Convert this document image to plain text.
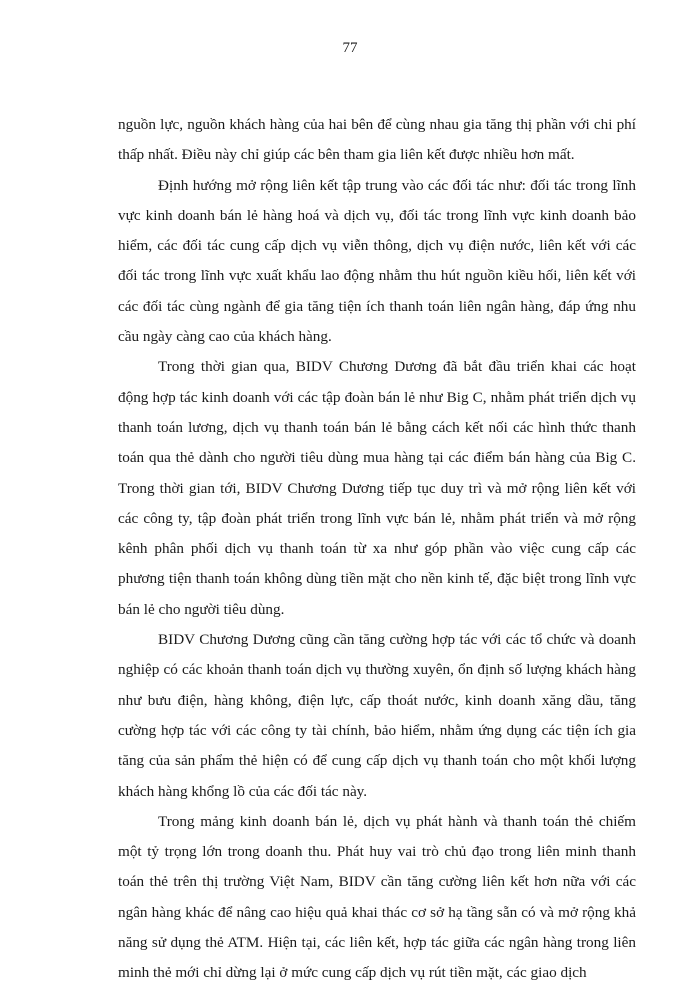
77

nguồn lực, nguồn khách hàng của hai bên để cùng nhau gia tăng thị phần với chi phí thấp nhất. Điều này chỉ giúp các bên tham gia liên kết được nhiều hơn mất.

Định hướng mở rộng liên kết tập trung vào các đối tác như: đối tác trong lĩnh vực kinh doanh bán lẻ hàng hoá và dịch vụ, đối tác trong lĩnh vực kinh doanh bảo hiểm, các đối tác cung cấp dịch vụ viễn thông, dịch vụ điện nước, liên kết với các đối tác trong lĩnh vực xuất khẩu lao động nhằm thu hút nguồn kiều hối, liên kết với các đối tác cùng ngành để gia tăng tiện ích thanh toán liên ngân hàng, đáp ứng nhu cầu ngày càng cao của khách hàng.

Trong thời gian qua, BIDV Chương Dương đã bắt đầu triển khai các hoạt động hợp tác kinh doanh với các tập đoàn bán lẻ như Big C, nhằm phát triển dịch vụ thanh toán lương, dịch vụ thanh toán bán lẻ bằng cách kết nối các hình thức thanh toán qua thẻ dành cho người tiêu dùng mua hàng tại các điểm bán hàng của Big C. Trong thời gian tới, BIDV Chương Dương tiếp tục duy trì và mở rộng liên kết với các công ty, tập đoàn phát triển trong lĩnh vực bán lẻ, nhằm phát triển và mở rộng kênh phân phối dịch vụ thanh toán từ xa như góp phần vào việc cung cấp các phương tiện thanh toán không dùng tiền mặt cho nền kinh tế, đặc biệt trong lĩnh vực bán lẻ cho người tiêu dùng.

BIDV Chương Dương cũng cần tăng cường hợp tác với các tổ chức và doanh nghiệp có các khoản thanh toán dịch vụ thường xuyên, ổn định số lượng khách hàng như bưu điện, hàng không, điện lực, cấp thoát nước, kinh doanh xăng dầu, tăng cường hợp tác với các công ty tài chính, bảo hiểm, nhằm ứng dụng các tiện ích gia tăng của sản phẩm thẻ hiện có để cung cấp dịch vụ thanh toán cho một khối lượng khách hàng khổng lồ của các đối tác này.

Trong mảng kinh doanh bán lẻ, dịch vụ phát hành và thanh toán thẻ chiếm một tỷ trọng lớn trong doanh thu. Phát huy vai trò chủ đạo trong liên minh thanh toán thẻ trên thị trường Việt Nam, BIDV cần tăng cường liên kết hơn nữa với các ngân hàng khác để nâng cao hiệu quả khai thác cơ sở hạ tầng sẵn có và mở rộng khả năng sử dụng thẻ ATM. Hiện tại, các liên kết, hợp tác giữa các ngân hàng trong liên minh thẻ mới chỉ dừng lại ở mức cung cấp dịch vụ rút tiền mặt, các giao dịch
